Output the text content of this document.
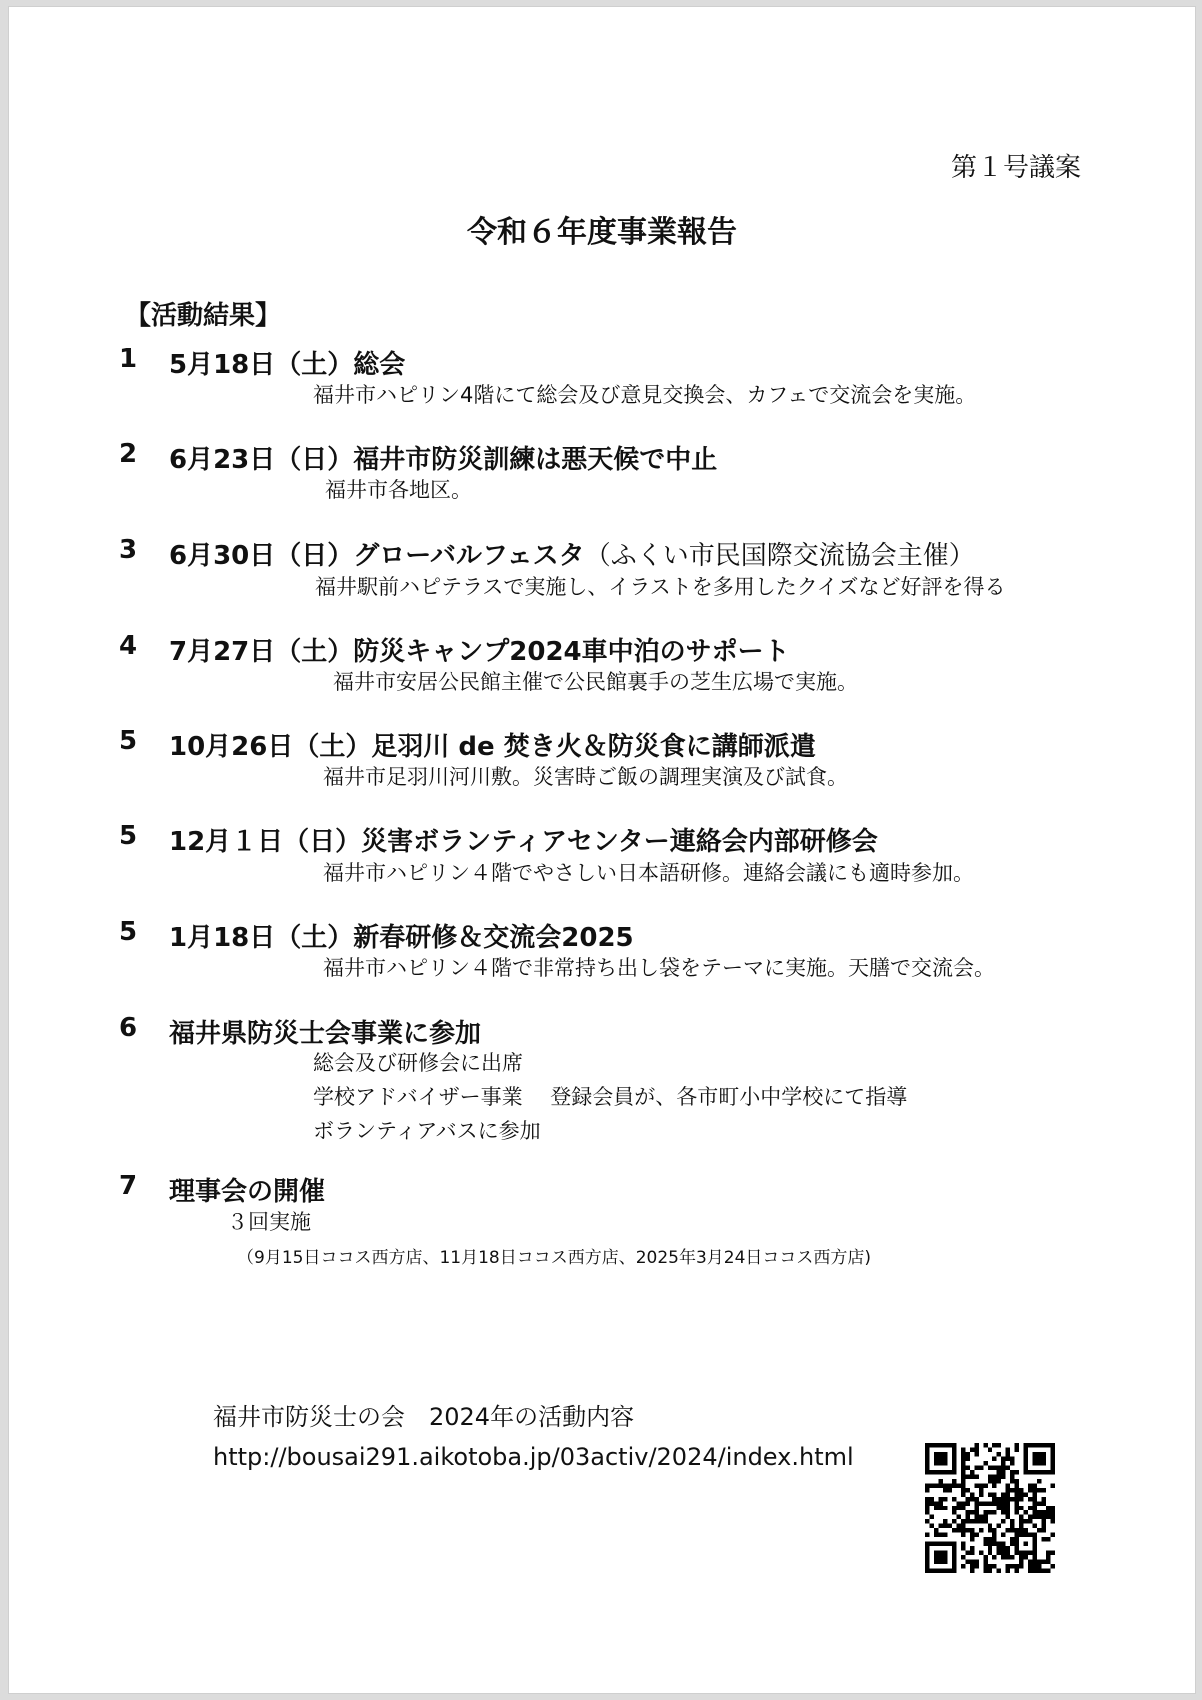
第１号議案
令和６年度事業報告
【活動結果】
1 5月18日（土）総会
福井市ハピリン4階にて総会及び意見交換会、カフェで交流会を実施。
2 6月23日（日）福井市防災訓練は悪天候で中止
福井市各地区。
3 6月30日（日）グローバルフェスタ（ふくい市民国際交流協会主催）
福井駅前ハピテラスで実施し、イラストを多用したクイズなど好評を得る
4 7月27日（土）防災キャンプ2024車中泊のサポート
福井市安居公民館主催で公民館裏手の芝生広場で実施。
5 10月26日（土）足羽川 de 焚き火＆防災食に講師派遣
福井市足羽川河川敷。災害時ご飯の調理実演及び試食。
5 12月１日（日）災害ボランティアセンター連絡会内部研修会
福井市ハピリン４階でやさしい日本語研修。連絡会議にも適時参加。
5 1月18日（土）新春研修＆交流会2025
福井市ハピリン４階で非常持ち出し袋をテーマに実施。天膳で交流会。
6 福井県防災士会事業に参加
総会及び研修会に出席
学校アドバイザー事業　 登録会員が、各市町小中学校にて指導
ボランティアバスに参加
7 理事会の開催
３回実施
（9月15日ココス西方店、11月18日ココス西方店、2025年3月24日ココス西方店)
福井市防災士の会　2024年の活動内容
http://bousai291.aikotoba.jp/03activ/2024/index.html
